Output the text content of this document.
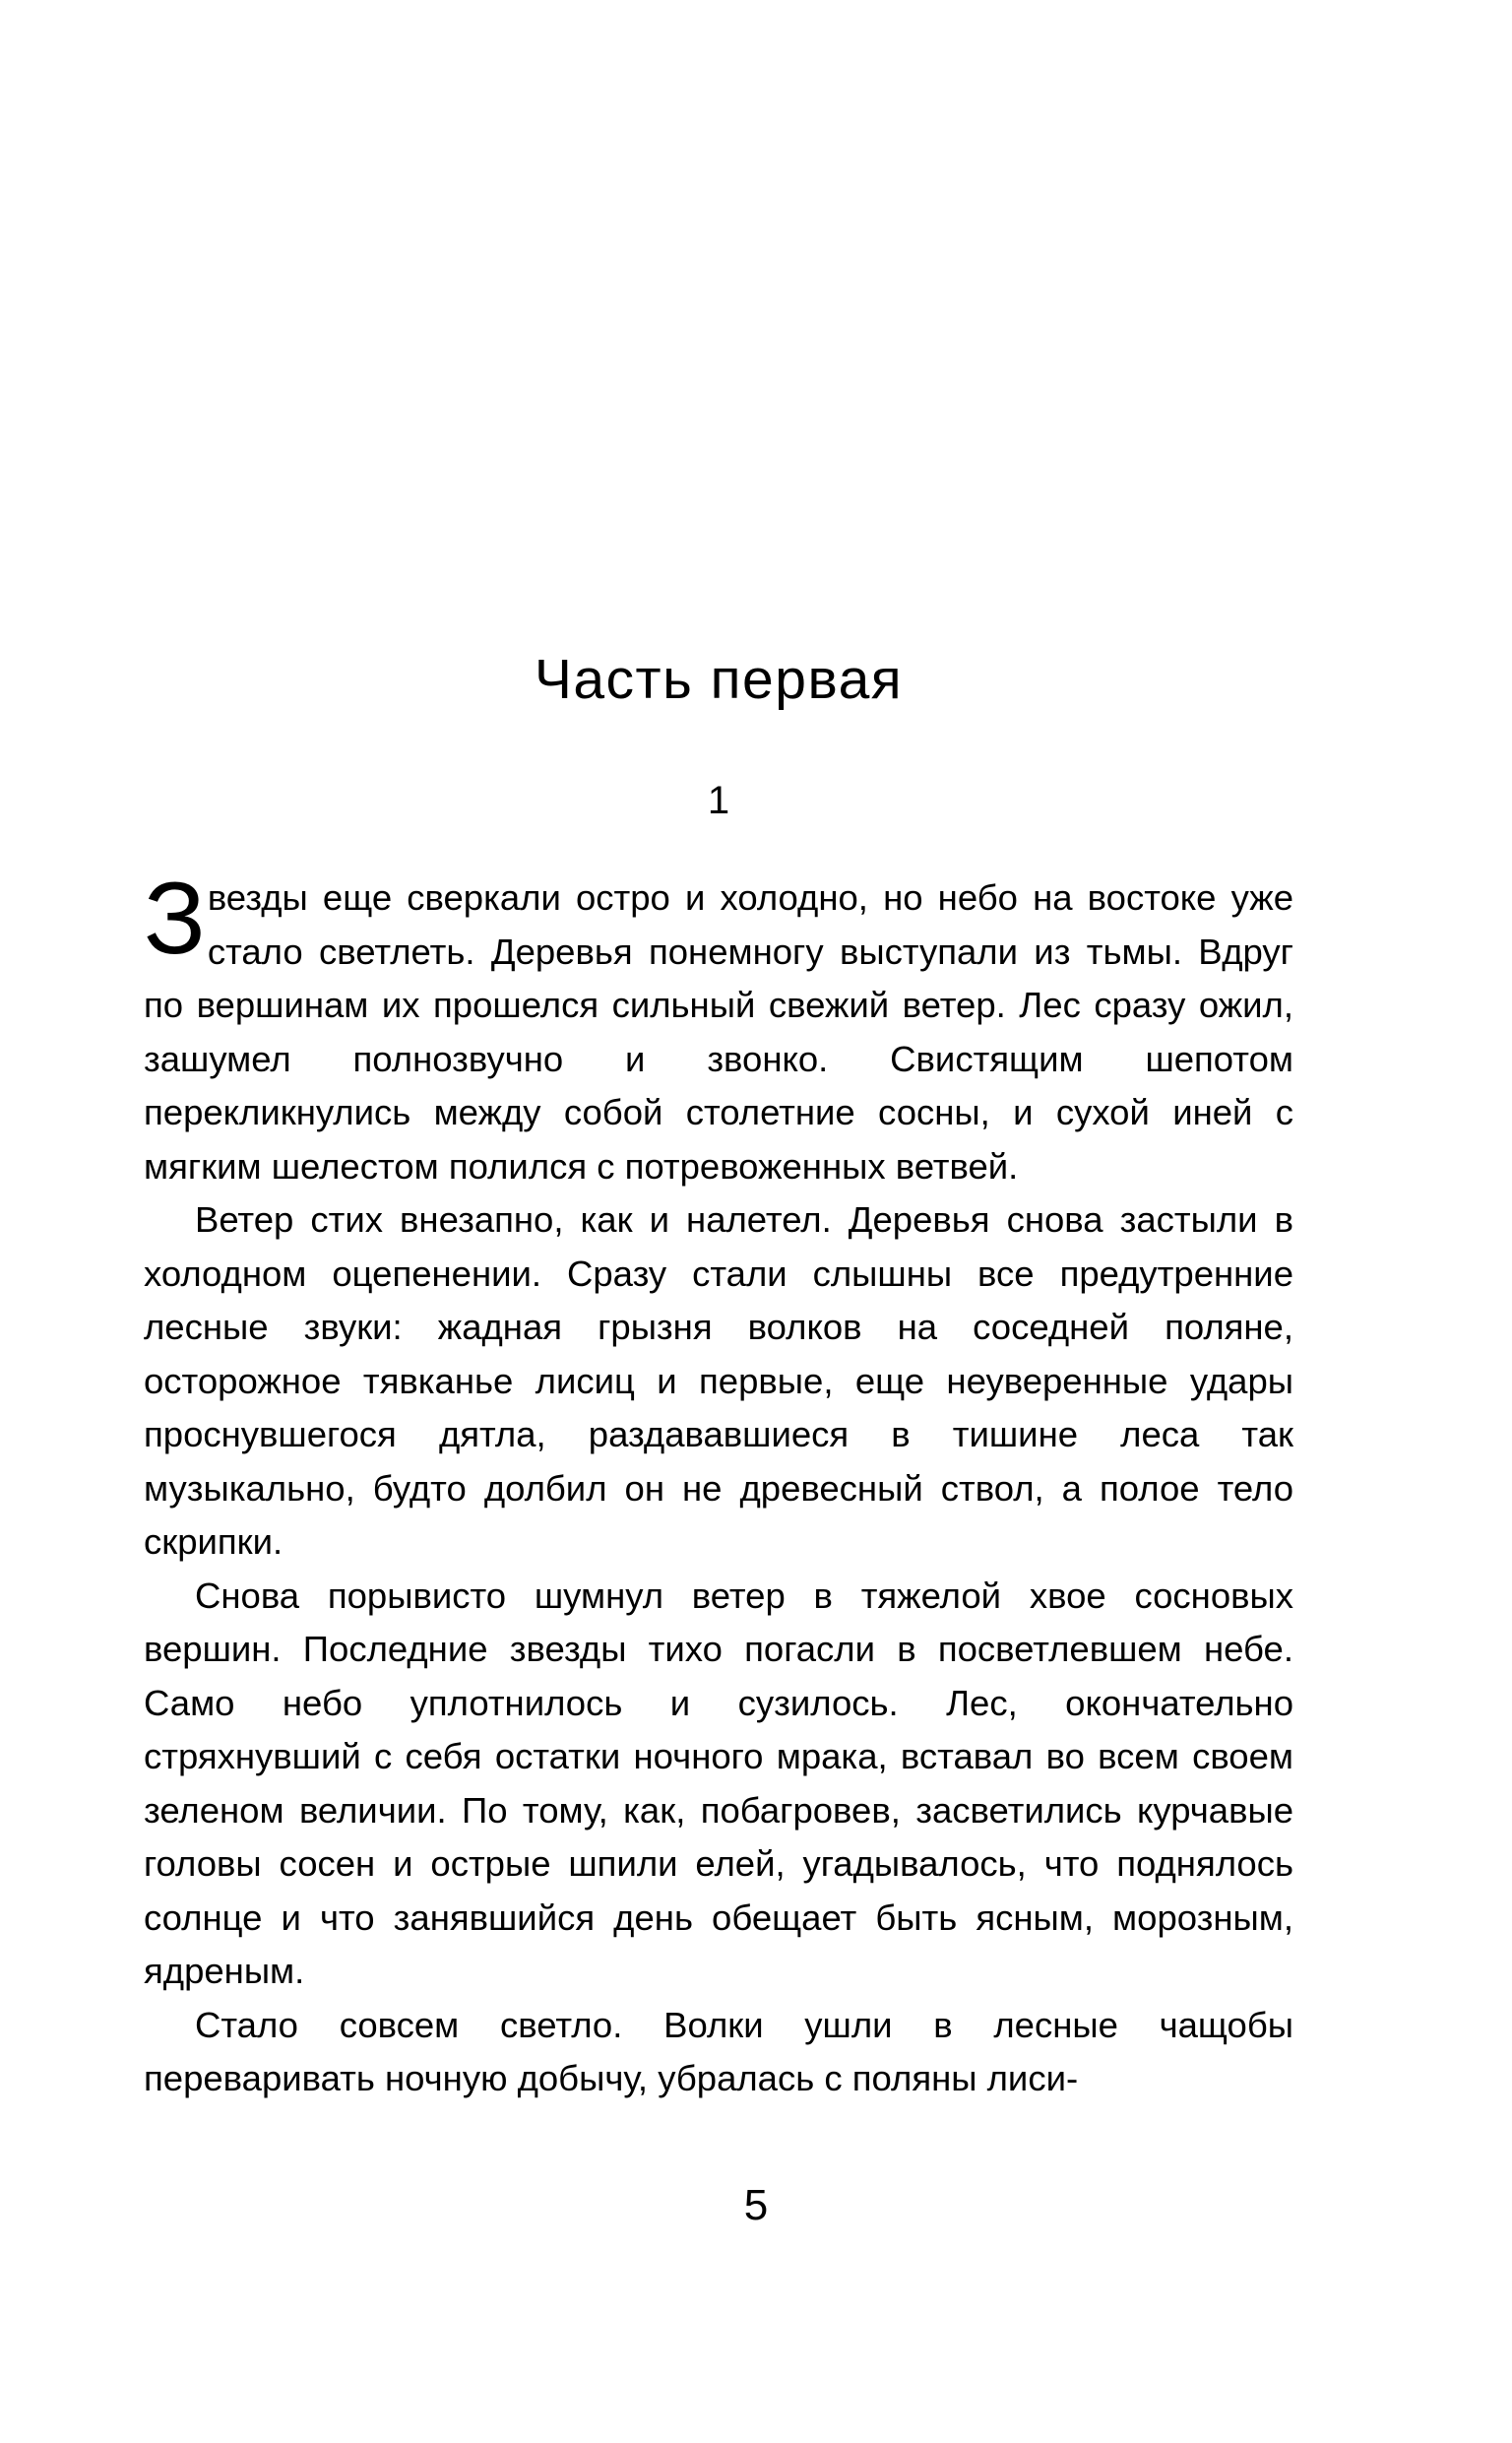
Часть первая
1

Звезды еще сверкали остро и холодно, но небо на востоке уже стало светлеть. Деревья понемногу выступали из тьмы. Вдруг по вершинам их прошелся сильный свежий ветер. Лес сразу ожил, зашумел полнозвучно и звонко. Свистящим шепотом перекликнулись между собой столетние сосны, и сухой иней с мягким шелестом полился с потревоженных ветвей.

Ветер стих внезапно, как и налетел. Деревья снова застыли в холодном оцепенении. Сразу стали слышны все предутренние лесные звуки: жадная грызня волков на соседней поляне, осторожное тявканье лисиц и первые, еще неуверенные удары проснувшегося дятла, раздававшиеся в тишине леса так музыкально, будто долбил он не древесный ствол, а полое тело скрипки.

Снова порывисто шумнул ветер в тяжелой хвое сосновых вершин. Последние звезды тихо погасли в посветлевшем небе. Само небо уплотнилось и сузилось. Лес, окончательно стряхнувший с себя остатки ночного мрака, вставал во всем своем зеленом величии. По тому, как, побагровев, засветились курчавые головы сосен и острые шпили елей, угадывалось, что поднялось солнце и что занявшийся день обещает быть ясным, морозным, ядреным.

Стало совсем светло. Волки ушли в лесные чащобы переваривать ночную добычу, убралась с поляны лиси-

5
